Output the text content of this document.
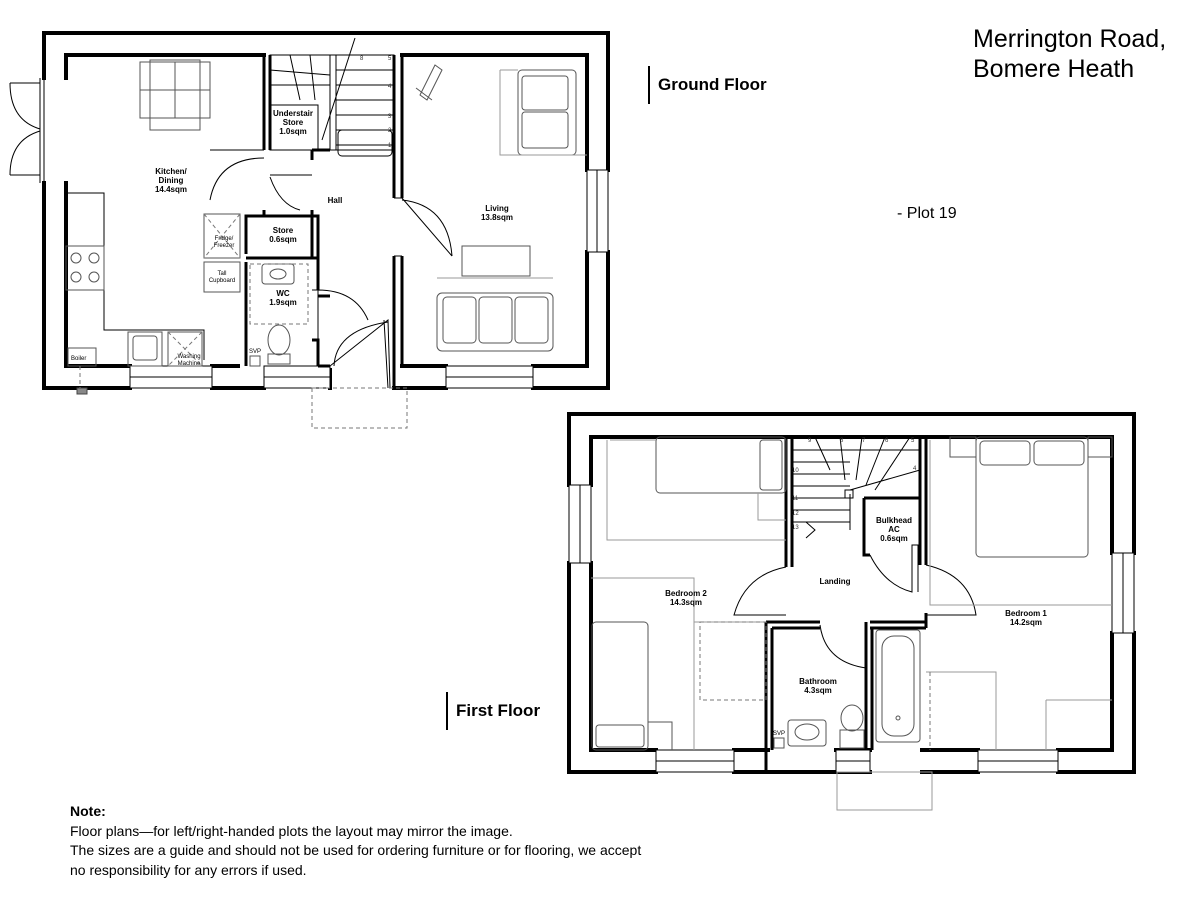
8	5
4
3
2
1
Kitchen/
Dining
14.4sqm
Understair
Store
1.0sqm
Hall
Store
0.6sqm
WC
1.9sqm
Living
13.8sqm
Fridge/
Freezer
Tall
Cupboard
Boiler	Washing
Machine
SVP
9	8	7	6	5
10	4
11
12
13
Bedroom 2
14.3sqm
Bedroom 1
14.2sqm
Landing
Bulkhead
AC
0.6sqm
Bathroom
4.3sqm
SVP
Merrington Road,
Bomere Heath
- Plot 19
Ground Floor
First Floor
Note:
Floor plans—for left/right-handed plots the layout may mirror the image.
The sizes are a guide and should not be used for ordering furniture or for flooring, we accept
no responsibility for any errors if used.
